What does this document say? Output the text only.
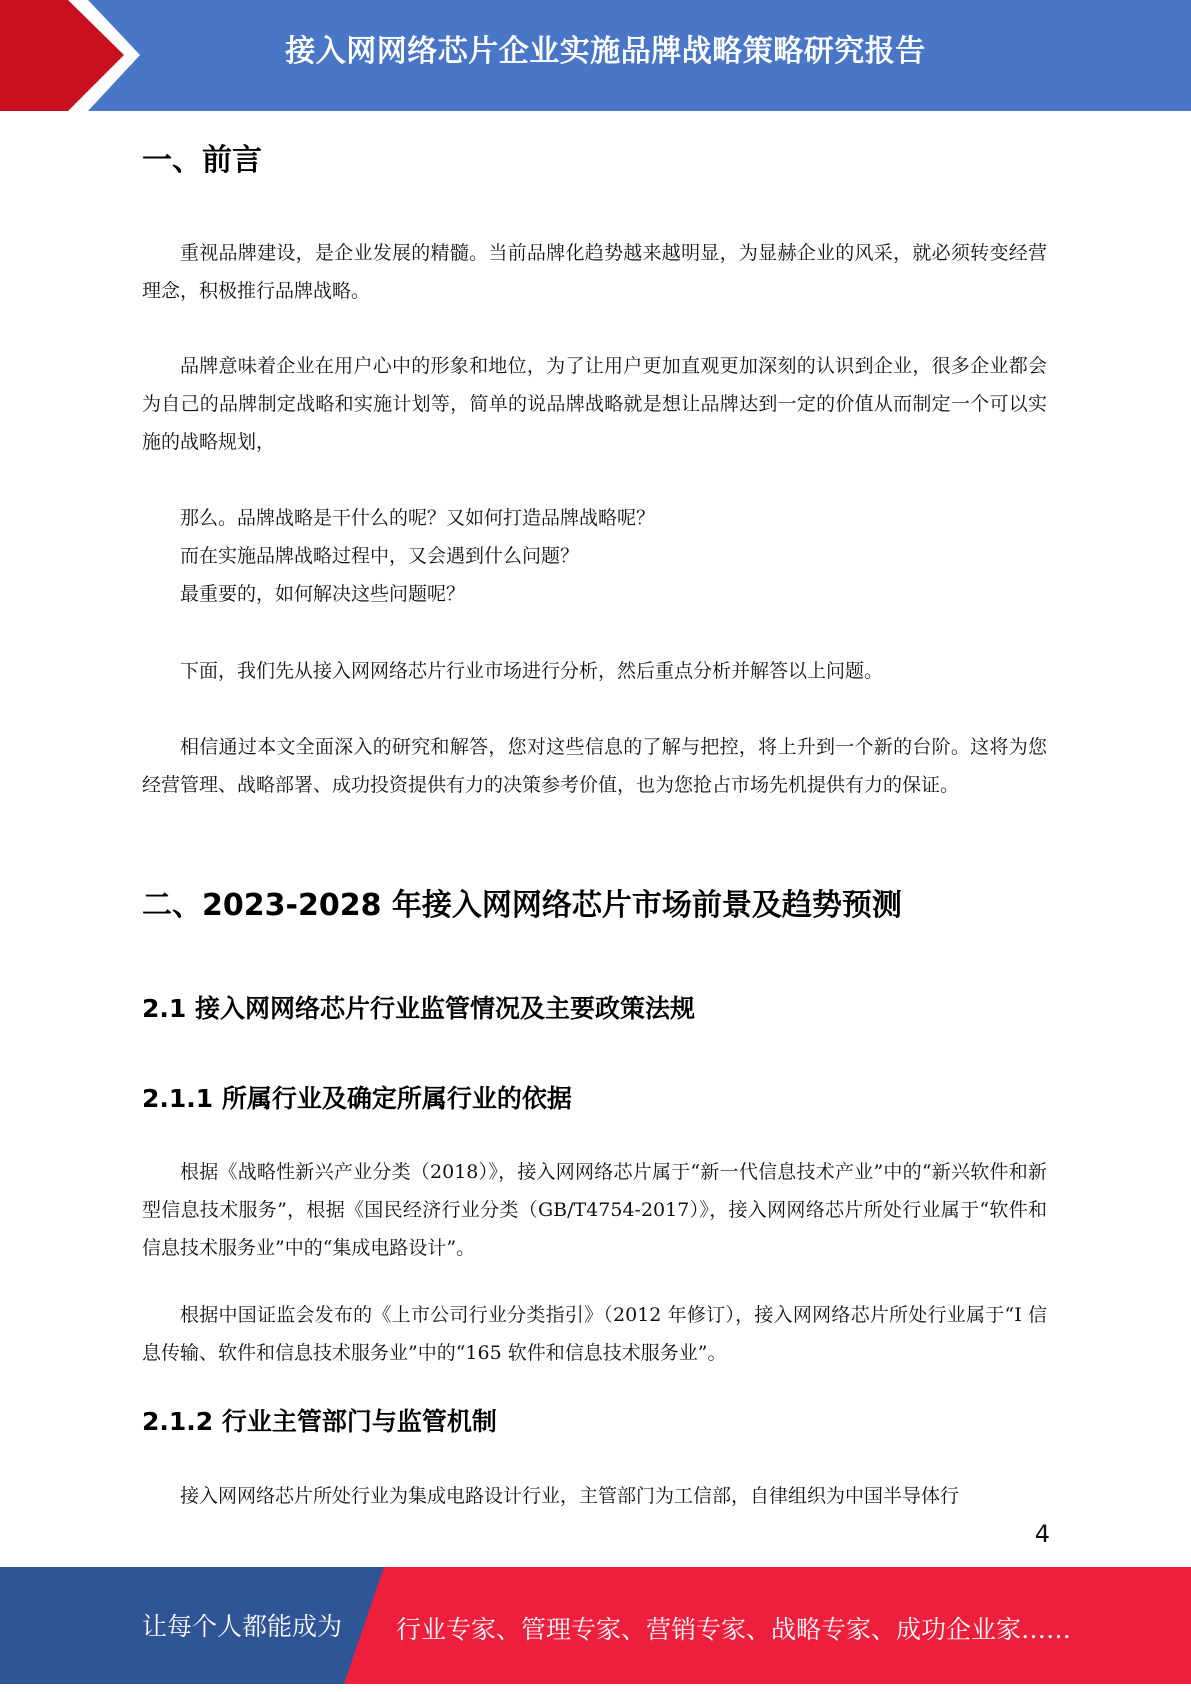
接入网网络芯片企业实施品牌战略策略研究报告
一、前言

重视品牌建设，是企业发展的精髓。当前品牌化趋势越来越明显，为显赫企业的风采，就必须转变经营理念，积极推行品牌战略。

品牌意味着企业在用户心中的形象和地位，为了让用户更加直观更加深刻的认识到企业，很多企业都会为自己的品牌制定战略和实施计划等，简单的说品牌战略就是想让品牌达到一定的价值从而制定一个可以实施的战略规划，

那么。品牌战略是干什么的呢？又如何打造品牌战略呢？

而在实施品牌战略过程中，又会遇到什么问题？

最重要的，如何解决这些问题呢？

下面，我们先从接入网网络芯片行业市场进行分析，然后重点分析并解答以上问题。

相信通过本文全面深入的研究和解答，您对这些信息的了解与把控，将上升到一个新的台阶。这将为您经营管理、战略部署、成功投资提供有力的决策参考价值，也为您抢占市场先机提供有力的保证。

二、2023-2028 年接入网网络芯片市场前景及趋势预测
2.1 接入网网络芯片行业监管情况及主要政策法规
2.1.1 所属行业及确定所属行业的依据

根据《战略性新兴产业分类（2018）》，接入网网络芯片属于“新一代信息技术产业”中的“新兴软件和新型信息技术服务”，根据《国民经济行业分类（GB/T4754-2017）》，接入网网络芯片所处行业属于“软件和信息技术服务业”中的“集成电路设计”。

根据中国证监会发布的《上市公司行业分类指引》（2012 年修订），接入网网络芯片所处行业属于“I 信息传输、软件和信息技术服务业”中的“165 软件和信息技术服务业”。

2.1.2 行业主管部门与监管机制

接入网网络芯片所处行业为集成电路设计行业，主管部门为工信部，自律组织为中国半导体行

4
让每个人都能成为 行业专家、管理专家、营销专家、战略专家、成功企业家……
